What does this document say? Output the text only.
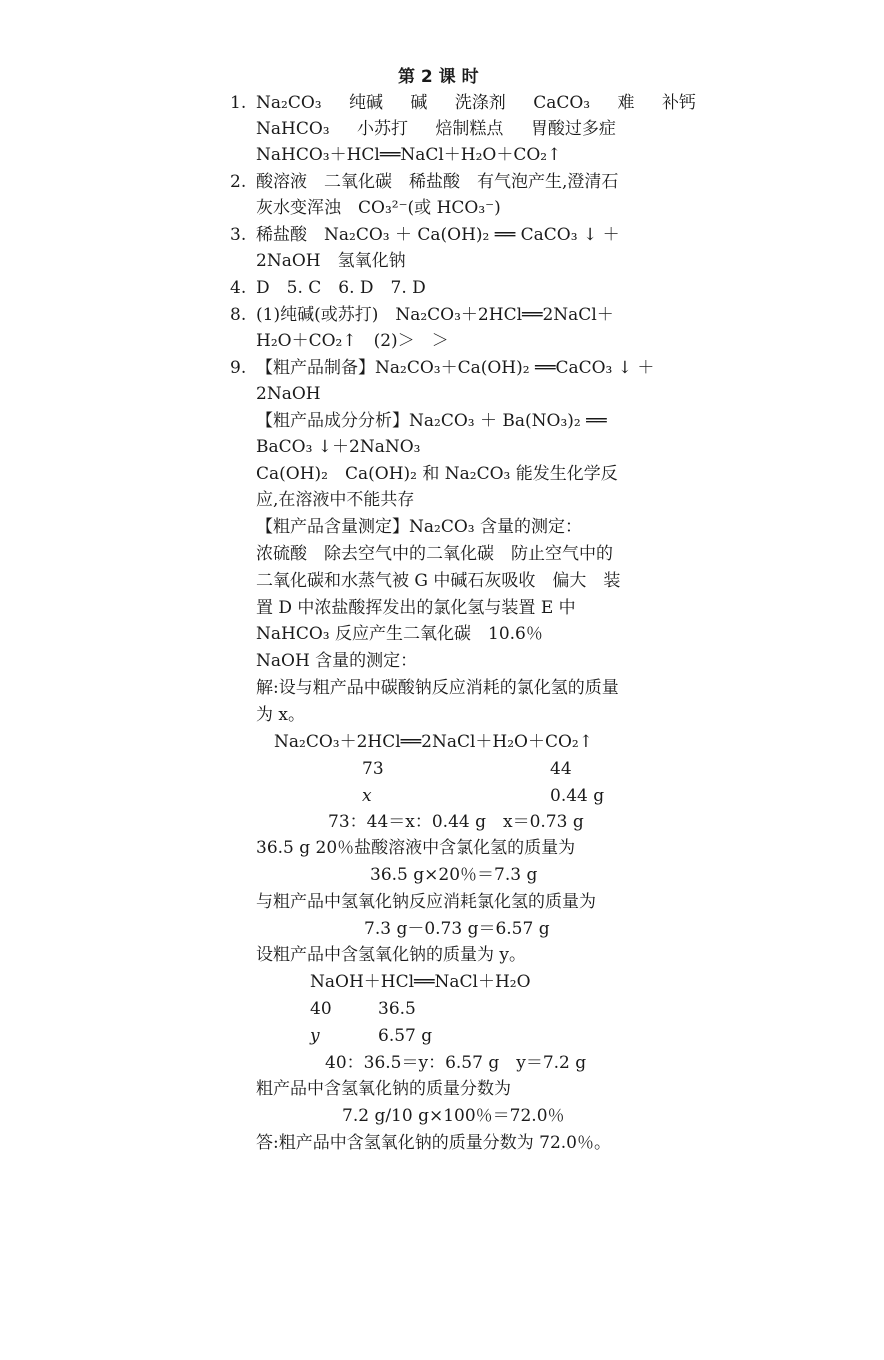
第 2 课 时
1. Na₂CO₃ 纯碱 碱 洗涤剂 CaCO₃ 难 补钙
NaHCO₃ 小苏打 焙制糕点 胃酸过多症
NaHCO₃＋HCl══NaCl＋H₂O＋CO₂↑
2. 酸溶液　二氧化碳　稀盐酸　有气泡产生,澄清石
灰水变浑浊　CO₃²⁻(或 HCO₃⁻)
3. 稀盐酸　Na₂CO₃ ＋ Ca(OH)₂ ══ CaCO₃ ↓ ＋
2NaOH　氢氧化钠
4. D　5. C　6. D　7. D
8. (1)纯碱(或苏打)　Na₂CO₃＋2HCl══2NaCl＋
H₂O＋CO₂↑　(2)＞　＞
9. 【粗产品制备】Na₂CO₃＋Ca(OH)₂ ══CaCO₃ ↓ ＋
2NaOH
【粗产品成分分析】Na₂CO₃ ＋ Ba(NO₃)₂ ══
BaCO₃ ↓＋2NaNO₃
Ca(OH)₂　Ca(OH)₂ 和 Na₂CO₃ 能发生化学反
应,在溶液中不能共存
【粗产品含量测定】Na₂CO₃ 含量的测定：
浓硫酸　除去空气中的二氧化碳　防止空气中的
二氧化碳和水蒸气被 G 中碱石灰吸收　偏大　装
置 D 中浓盐酸挥发出的氯化氢与装置 E 中
NaHCO₃ 反应产生二氧化碳　10.6％
NaOH 含量的测定：
解:设与粗产品中碳酸钠反应消耗的氯化氢的质量
为 x。
Na₂CO₃＋2HCl══2NaCl＋H₂O＋CO₂↑
73	44
x	0.44 g
73：44＝x：0.44 g　x＝0.73 g
36.5 g 20％盐酸溶液中含氯化氢的质量为
36.5 g×20％＝7.3 g
与粗产品中氢氧化钠反应消耗氯化氢的质量为
7.3 g－0.73 g＝6.57 g
设粗产品中含氢氧化钠的质量为 y。
NaOH＋HCl══NaCl＋H₂O
40	36.5
y	6.57 g
40：36.5＝y：6.57 g　y＝7.2 g
粗产品中含氢氧化钠的质量分数为
7.2 g/10 g×100％＝72.0％
答:粗产品中含氢氧化钠的质量分数为 72.0％。
